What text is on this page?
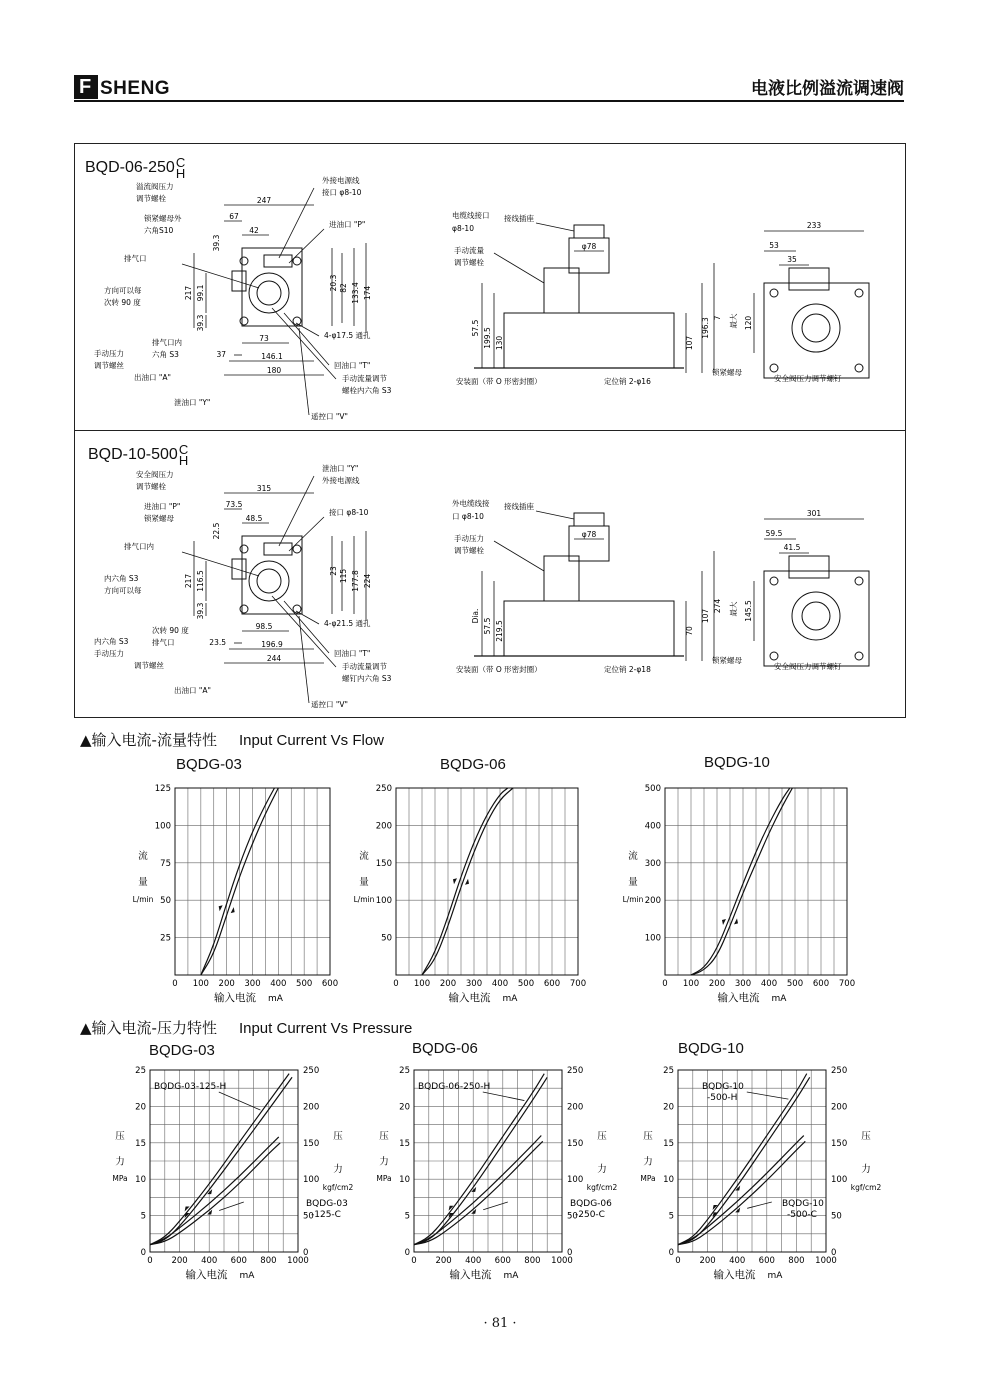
F SHENG	电液比例溢流调速阀
BQD-06-250C
H
BQD-10-500C
H
247
67
42
20.3 82 133.4 174
217 99.1
39.3
39.3
37
73
146.1
180
溢流阀压力
调节螺栓
锁紧螺母外
六角S10
排气口
方向可以每
次转 90 度
排气口内
六角 S3
手动压力
调节螺丝
出油口 "A"
泄油口 "Y"
外接电源线
接口 φ8-10
进油口 "P"
4-φ17.5 通孔
回油口 "T"
手动流量调节
螺栓内六角 S3
遥控口 "V"
7
196.3
107
57.5 199.5 130
φ78
电缆线接口
φ8-10
接线插座
手动流量
调节螺栓
安装面（带 O 形密封圈）	定位销 2-φ16
233
53
35
120
最大
锁紧螺母
安全阀压力调节螺钉
315
73.5
48.5
23 115 177.8 224
217 116.5
39.3
22.5
23.5
98.5
196.9
244
安全阀压力
调节螺栓
进油口 "P"
锁紧螺母
排气口内
内六角 S3
方向可以每
次转 90 度
排气口
内六角 S3
手动压力
调节螺丝
出油口 "A"
泄油口 "Y"
外接电源线
接口 φ8-10
4-φ21.5 通孔
回油口 "T"
手动流量调节
螺钉内六角 S3
遥控口 "V"
274
107
70
Dia.
57.5 219.5
φ78
外电缆线接
口 φ8-10
接线插座
手动压力
调节螺栓
安装面（带 O 形密封圈）	定位销 2-φ18
301
59.5
41.5
145.5
最大
锁紧螺母
安全阀压力调节螺钉
▲输入电流-流量特性 Input Current Vs Flow
▲输入电流-压力特性 Input Current Vs Pressure
BQDG-03	BQDG-06	BQDG-10
BQDG-03	BQDG-06	BQDG-10
0 100 200 300 400 500 600
25
50
75
100
125
输入电流 mA
流
量
L/min
0 100 200 300 400 500 600 700
50
100
150
200
250
输入电流 mA
流
量
L/min
0 100 200 300 400 500 600 700
100
200
300
400
500
输入电流 mA
流
量
L/min
0 200 400 600 800 1000
5
10
15
20
25
0
50
100
150
200
250
0
输入电流 mA
压
力
MPa
压
力
kgf/cm2
BQDG-03-125-H
BQDG-03
-125-C
0 200 400 600 800 1000
5
10
15
20
25
0
50
100
150
200
250
0
输入电流 mA
压
力
MPa
压
力
kgf/cm2
BQDG-06-250-H
BQDG-06
-250-C
0 200 400 600 800 1000
5
10
15
20
25
0
50
100
150
200
250
0
输入电流 mA
压
力
MPa
压
力
kgf/cm2
BQDG-10
-500-H
BQDG-10
-500-C
· 81 ·
